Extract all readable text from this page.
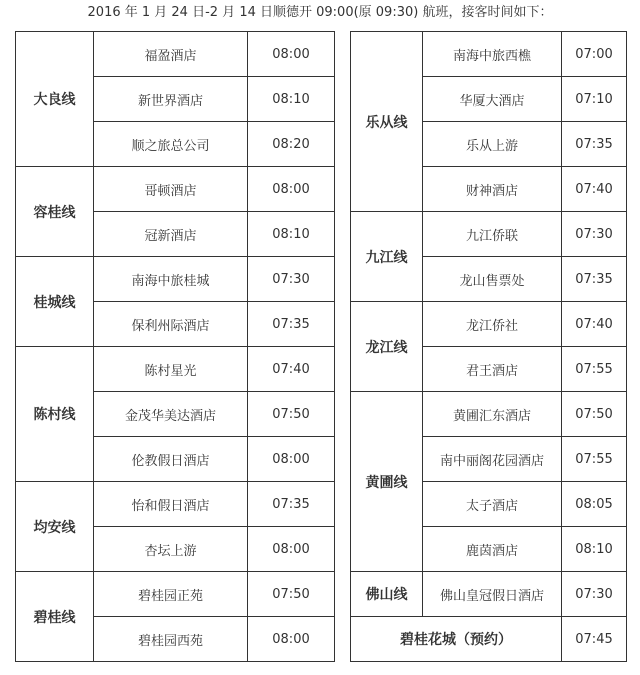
2016 年 1 月 24 日-2 月 14 日顺德开 09:00(原 09:30) 航班，接客时间如下：
大良线	福盈酒店	08:00		乐从线	南海中旅西樵	07:00
	新世界酒店	08:10			华厦大酒店	07:10
	顺之旅总公司	08:20			乐从上游	07:35
容桂线	哥顿酒店	08:00			财神酒店	07:40
	冠新酒店	08:10		九江线	九江侨联	07:30
桂城线	南海中旅桂城	07:30			龙山售票处	07:35
	保利州际酒店	07:35		龙江线	龙江侨社	07:40
陈村线	陈村星光	07:40			君王酒店	07:55
	金茂华美达酒店	07:50		黄圃线	黄圃汇东酒店	07:50
	伦教假日酒店	08:00			南中丽阁花园酒店	07:55
均安线	怡和假日酒店	07:35			太子酒店	08:05
	杏坛上游	08:00			鹿茵酒店	08:10
碧桂线	碧桂园正苑	07:50		佛山线	佛山皇冠假日酒店	07:30
	碧桂园西苑	08:00		碧桂花城（预约）		07:45
